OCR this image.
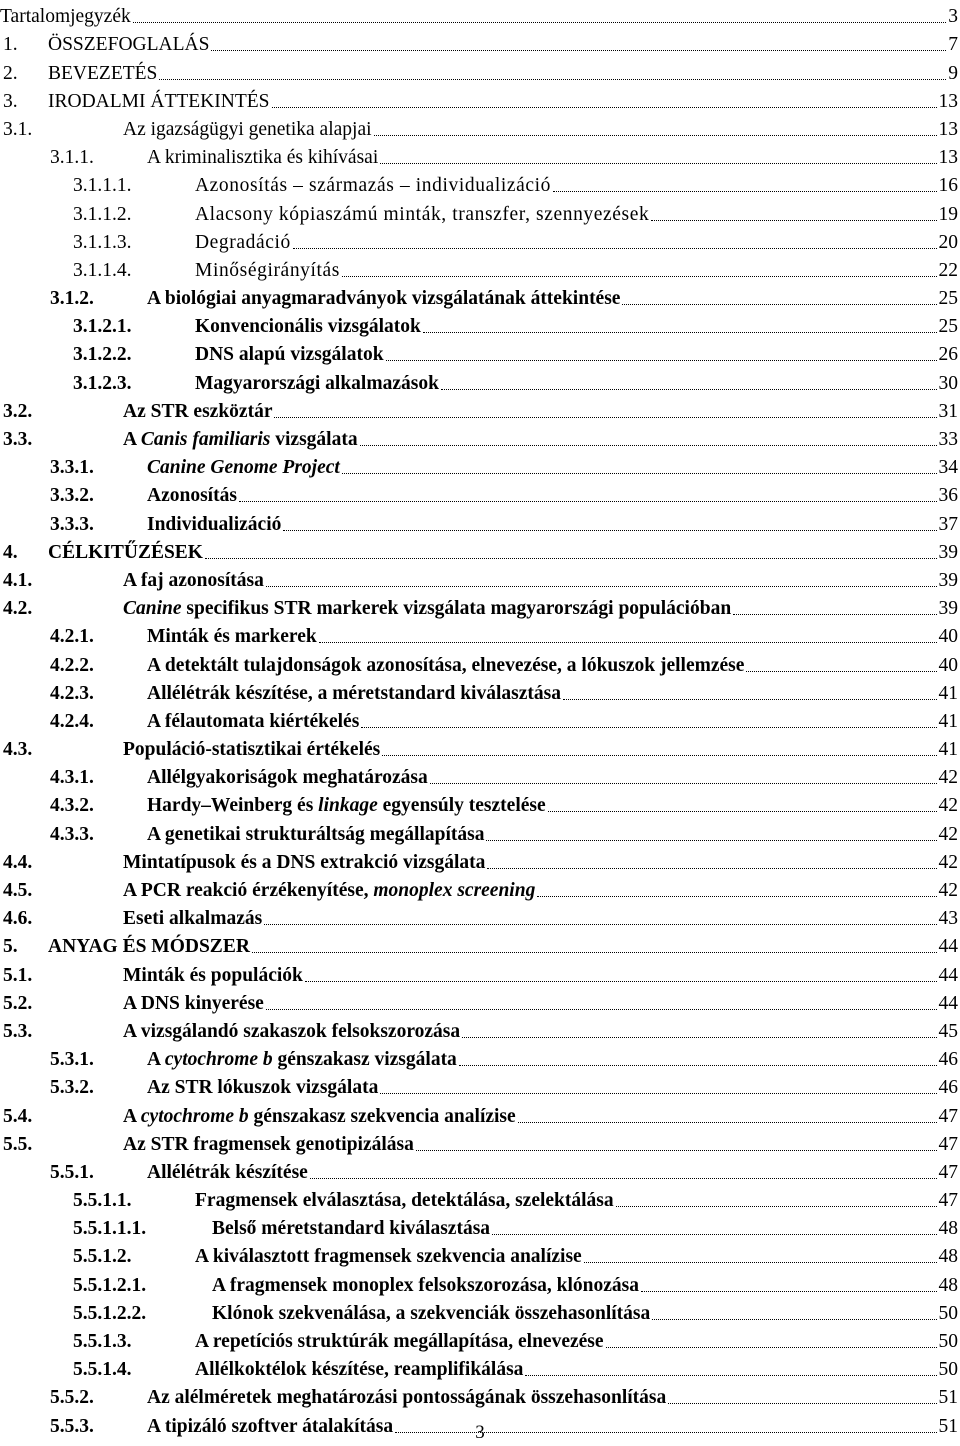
Tartalomjegyzék	3
1.	ÖSSZEFOGLALÁS	7
2.	BEVEZETÉS	9
3.	IRODALMI ÁTTEKINTÉS	13
3.1.	Az igazságügyi genetika alapjai	13
3.1.1.	A kriminalisztika és kihívásai	13
3.1.1.1.	Azonosítás – származás – individualizáció	16
3.1.1.2.	Alacsony kópiaszámú minták, transzfer, szennyezések	19
3.1.1.3.	Degradáció	20
3.1.1.4.	Minőségirányítás	22
3.1.2.	A biológiai anyagmaradványok vizsgálatának áttekintése	25
3.1.2.1.	Konvencionális vizsgálatok	25
3.1.2.2.	DNS alapú vizsgálatok	26
3.1.2.3.	Magyarországi alkalmazások	30
3.2.	Az STR eszköztár	31
3.3.	A Canis familiaris vizsgálata	33
3.3.1.	Canine Genome Project	34
3.3.2.	Azonosítás	36
3.3.3.	Individualizáció	37
4.	CÉLKITŰZÉSEK	39
4.1.	A faj azonosítása	39
4.2.	Canine specifikus STR markerek vizsgálata magyarországi populációban	39
4.2.1.	Minták és markerek	40
4.2.2.	A detektált tulajdonságok azonosítása, elnevezése, a lókuszok jellemzése	40
4.2.3.	Allélétrák készítése, a méretstandard kiválasztása	41
4.2.4.	A félautomata kiértékelés	41
4.3.	Populáció-statisztikai értékelés	41
4.3.1.	Allélgyakoriságok meghatározása	42
4.3.2.	Hardy–Weinberg és linkage egyensúly tesztelése	42
4.3.3.	A genetikai strukturáltság megállapítása	42
4.4.	Mintatípusok és a DNS extrakció vizsgálata	42
4.5.	A PCR reakció érzékenyítése, monoplex screening	42
4.6.	Eseti alkalmazás	43
5.	ANYAG ÉS MÓDSZER	44
5.1.	Minták és populációk	44
5.2.	A DNS kinyerése	44
5.3.	A vizsgálandó szakaszok felsokszorozása	45
5.3.1.	A cytochrome b génszakasz vizsgálata	46
5.3.2.	Az STR lókuszok vizsgálata	46
5.4.	A cytochrome b génszakasz szekvencia analízise	47
5.5.	Az STR fragmensek genotipizálása	47
5.5.1.	Allélétrák készítése	47
5.5.1.1.	Fragmensek elválasztása, detektálása, szelektálása	47
5.5.1.1.1.	Belső méretstandard kiválasztása	48
5.5.1.2.	A kiválasztott fragmensek szekvencia analízise	48
5.5.1.2.1.	A fragmensek monoplex felsokszorozása, klónozása	48
5.5.1.2.2.	Klónok szekvenálása, a szekvenciák összehasonlítása	50
5.5.1.3.	A repetíciós struktúrák megállapítása, elnevezése	50
5.5.1.4.	Allélkoktélok készítése, reamplifikálása	50
5.5.2.	Az alélméretek meghatározási pontosságának összehasonlítása	51
5.5.3.	A tipizáló szoftver átalakítása	51
3
